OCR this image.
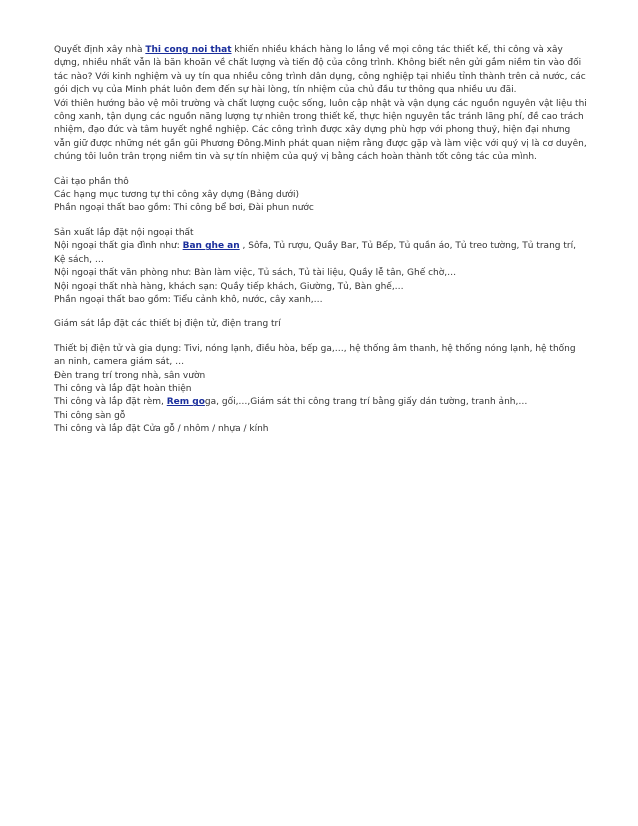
Quyết định xây nhà Thi cong noi that khiến nhiều khách hàng lo lắng về mọi công tác thiết kế, thi công và xây dựng, nhiều nhất vẫn là băn khoăn về chất lượng và tiến độ của công trình. Không biết nên gửi gắm niềm tin vào đối tác nào? Với kinh nghiệm và uy tín qua nhiều công trình dân dụng, công nghiệp tại nhiều tỉnh thành trên cả nước, các gói dịch vụ của Minh phát luôn đem đến sự hài lòng, tín nhiệm của chủ đầu tư thông qua nhiều ưu đãi.
Với thiên hướng bảo vệ môi trường và chất lượng cuộc sống, luôn cập nhật và vận dụng các nguồn nguyên vật liệu thi công xanh, tận dụng các nguồn năng lượng tự nhiên trong thiết kế, thực hiện nguyên tắc tránh lãng phí, đề cao trách nhiệm, đạo đức và tâm huyết nghề nghiệp. Các công trình được xây dựng phù hợp với phong thuỷ, hiện đại nhưng vẫn giữ được những nét gần gũi Phương Đông.Minh phát quan niệm rằng được gặp và làm việc với quý vị là cơ duyên, chúng tôi luôn trân trọng niềm tin và sự tín nhiệm của quý vị bằng cách hoàn thành tốt công tác của mình.

Cải tạo phần thô
Các hạng mục tương tự thi công xây dựng (Bảng dưới)
Phần ngoại thất bao gồm: Thi công bể bơi, Đài phun nước

Sản xuất lắp đặt nội ngoại thất
Nội ngoại thất gia đình như: Ban ghe an , Sôfa, Tủ rượu, Quầy Bar, Tủ Bếp, Tủ quần áo, Tủ treo tường, Tủ trang trí, Kệ sách, …
Nội ngoại thất văn phòng như: Bàn làm việc, Tủ sách, Tủ tài liệu, Quầy lễ tân, Ghế chờ,…
Nội ngoại thất nhà hàng, khách sạn: Quầy tiếp khách, Giường, Tủ, Bàn ghế,…
Phần ngoại thất bao gồm: Tiểu cảnh khô, nước, cây xanh,…

Giám sát lắp đặt các thiết bị điện tử, điện trang trí

Thiết bị điện tử và gia dụng: Tivi, nóng lạnh, điều hòa, bếp ga,…, hệ thống âm thanh, hệ thống nóng lạnh, hệ thống an ninh, camera giám sát, …
Đèn trang trí trong nhà, sân vườn
Thi công và lắp đặt hoàn thiện
Thi công và lắp đặt rèm, Rem goga, gối,…,Giám sát thi công trang trí bằng giấy dán tường, tranh ảnh,…
Thi công sàn gỗ
Thi công và lắp đặt Cửa gỗ / nhôm / nhựa / kính
